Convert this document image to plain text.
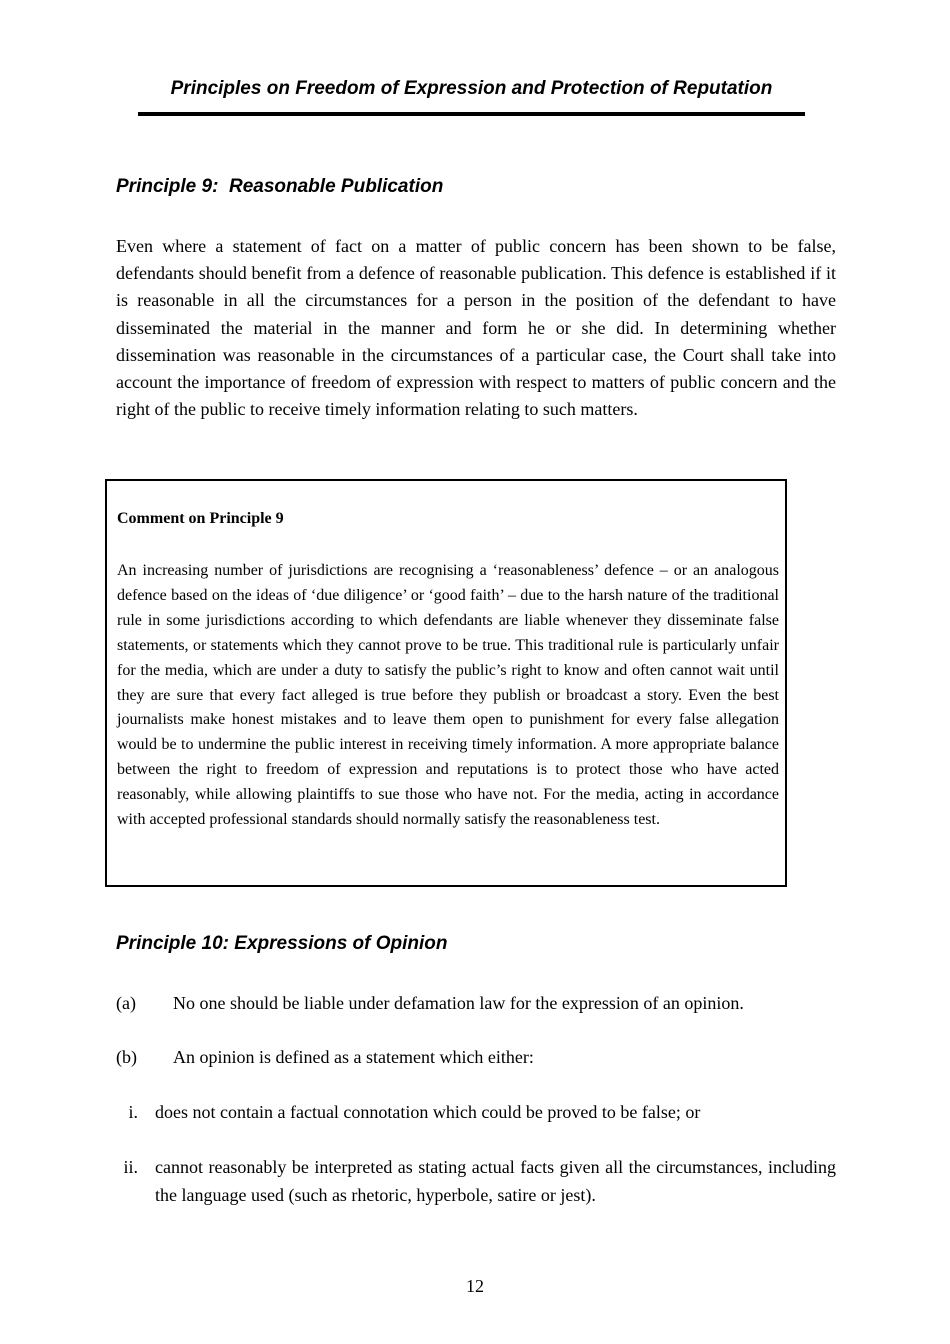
Principles on Freedom of Expression and Protection of Reputation
Principle 9:  Reasonable Publication

Even where a statement of fact on a matter of public concern has been shown to be false, defendants should benefit from a defence of reasonable publication. This defence is established if it is reasonable in all the circumstances for a person in the position of the defendant to have disseminated the material in the manner and form he or she did. In determining whether dissemination was reasonable in the circumstances of a particular case, the Court shall take into account the importance of freedom of expression with respect to matters of public concern and the right of the public to receive timely information relating to such matters.

Comment on Principle 9

An increasing number of jurisdictions are recognising a ‘reasonableness’ defence – or an analogous defence based on the ideas of ‘due diligence’ or ‘good faith’ – due to the harsh nature of the traditional rule in some jurisdictions according to which defendants are liable whenever they disseminate false statements, or statements which they cannot prove to be true. This traditional rule is particularly unfair for the media, which are under a duty to satisfy the public’s right to know and often cannot wait until they are sure that every fact alleged is true before they publish or broadcast a story. Even the best journalists make honest mistakes and to leave them open to punishment for every false allegation would be to undermine the public interest in receiving timely information. A more appropriate balance between the right to freedom of expression and reputations is to protect those who have acted reasonably, while allowing plaintiffs to sue those who have not. For the media, acting in accordance with accepted professional standards should normally satisfy the reasonableness test.

Principle 10: Expressions of Opinion
(a) No one should be liable under defamation law for the expression of an opinion.
(b) An opinion is defined as a statement which either:
i. does not contain a factual connotation which could be proved to be false; or
ii. cannot reasonably be interpreted as stating actual facts given all the circumstances, including the language used (such as rhetoric, hyperbole, satire or jest).
12
